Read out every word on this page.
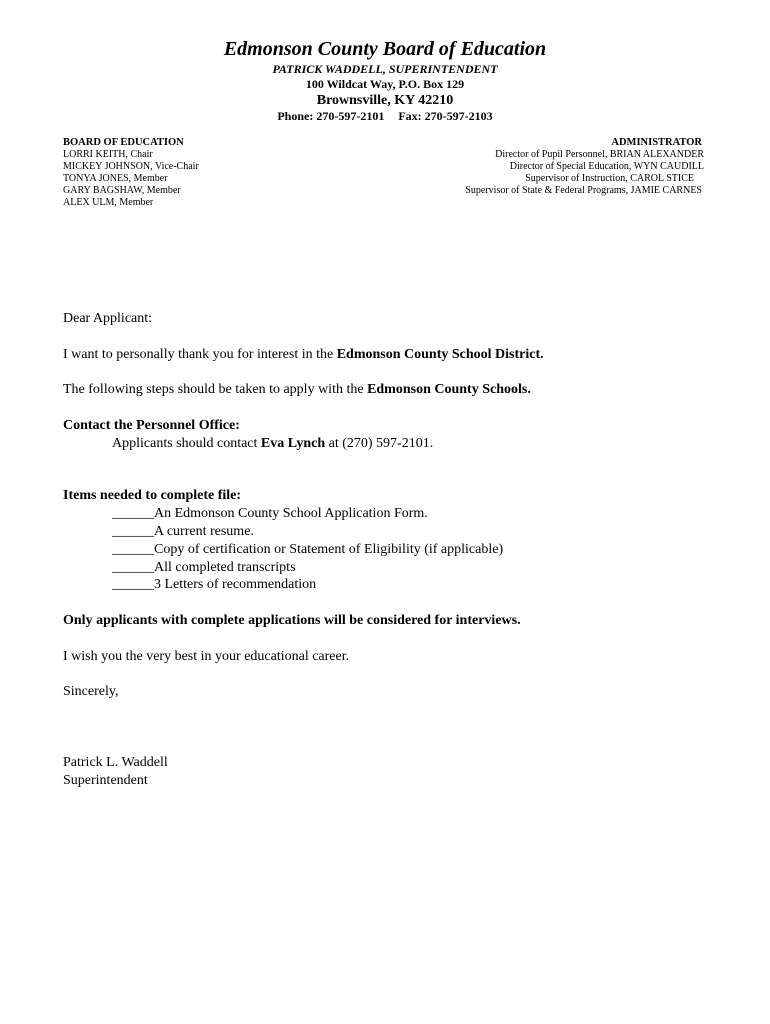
Edmonson County Board of Education
PATRICK WADDELL, SUPERINTENDENT
100 Wildcat Way, P.O. Box 129
Brownsville, KY 42210
Phone: 270-597-2101 Fax: 270-597-2103
BOARD OF EDUCATION
LORRI KEITH, Chair
MICKEY JOHNSON, Vice-Chair
TONYA JONES, Member
GARY BAGSHAW, Member
ALEX ULM, Member
ADMINISTRATOR
Director of Pupil Personnel, BRIAN ALEXANDER
Director of Special Education, WYN CAUDILL
Supervisor of Instruction, CAROL STICE
Supervisor of State & Federal Programs, JAMIE CARNES

Dear Applicant:

I want to personally thank you for interest in the Edmonson County School District.

The following steps should be taken to apply with the Edmonson County Schools.

Contact the Personnel Office:

Applicants should contact Eva Lynch at (270) 597-2101.

Items needed to complete file:

______An Edmonson County School Application Form.

______A current resume.

______Copy of certification or Statement of Eligibility (if applicable)

______All completed transcripts

______3 Letters of recommendation

Only applicants with complete applications will be considered for interviews.

I wish you the very best in your educational career.

Sincerely,

Patrick L. Waddell

Superintendent
